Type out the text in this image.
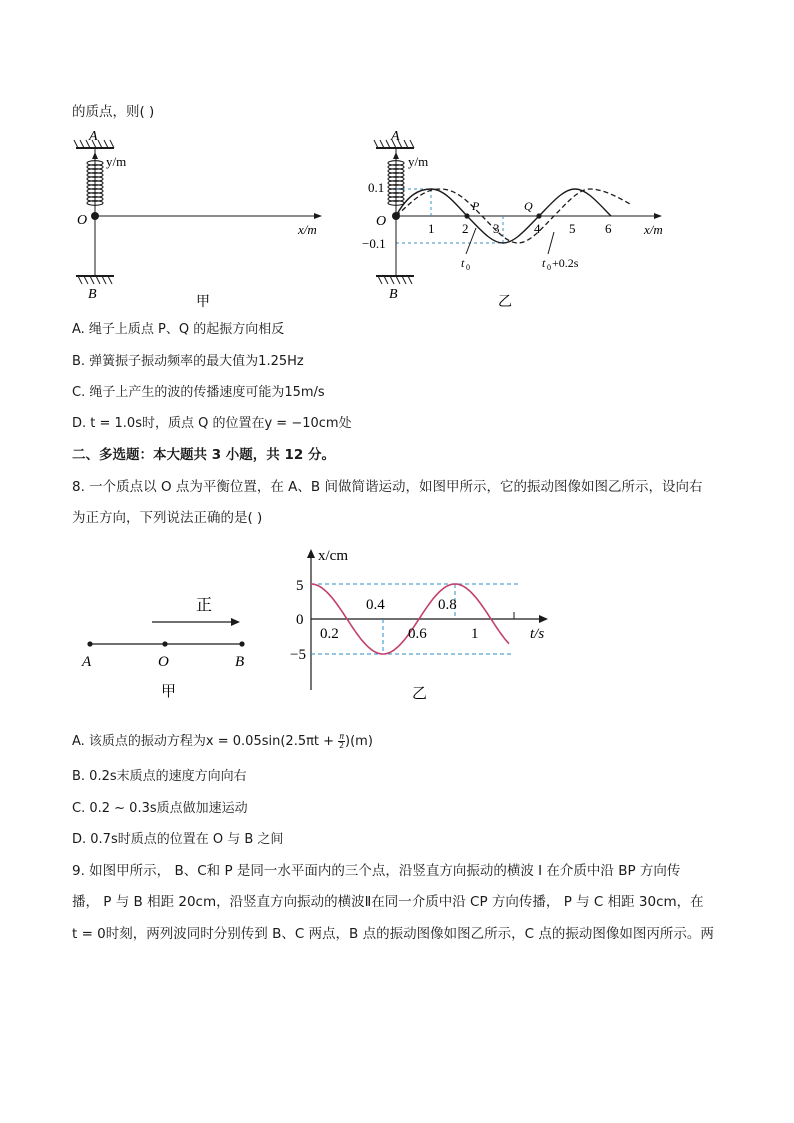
的质点，则( )
A
y/m
x/m
O
B
甲
A
y/m
x/m
O
0.1
−0.1
1 2 3	4 5 6
P	Q
t 0	t 0 +0.2s
B
乙
A. 绳子上质点 P、Q 的起振方向相反
B. 弹簧振子振动频率的最大值为1.25Hz
C. 绳子上产生的波的传播速度可能为15m/s
D. t = 1.0s时，质点 Q 的位置在y = −10cm处
二、多选题：本大题共 3 小题，共 12 分。
8. 一个质点以 O 点为平衡位置，在 A、B 间做简谐运动，如图甲所示，它的振动图像如图乙所示，设向右
为正方向，下列说法正确的是( )
正
A	O	B
甲
x/cm
t/s
5
0
−5
0.4	0.8
0.2	0.6	1
乙
A. 该质点的振动方程为$x = 0.05\sin(2.5\pi t + \frac{\pi}{2} )(m)$
B. 0.2s末质点的速度方向向右
C. 0.2 ~ 0.3s质点做加速运动
D. 0.7s时质点的位置在 O 与 B 之间
9. 如图甲所示， B、C和 P 是同一水平面内的三个点，沿竖直方向振动的横波 I 在介质中沿 BP 方向传
播， P 与 B 相距 20cm，沿竖直方向振动的横波Ⅱ在同一介质中沿 CP 方向传播， P 与 C 相距 30cm，在
t = 0时刻，两列波同时分别传到 B、C 两点，B 点的振动图像如图乙所示，C 点的振动图像如图丙所示。两
